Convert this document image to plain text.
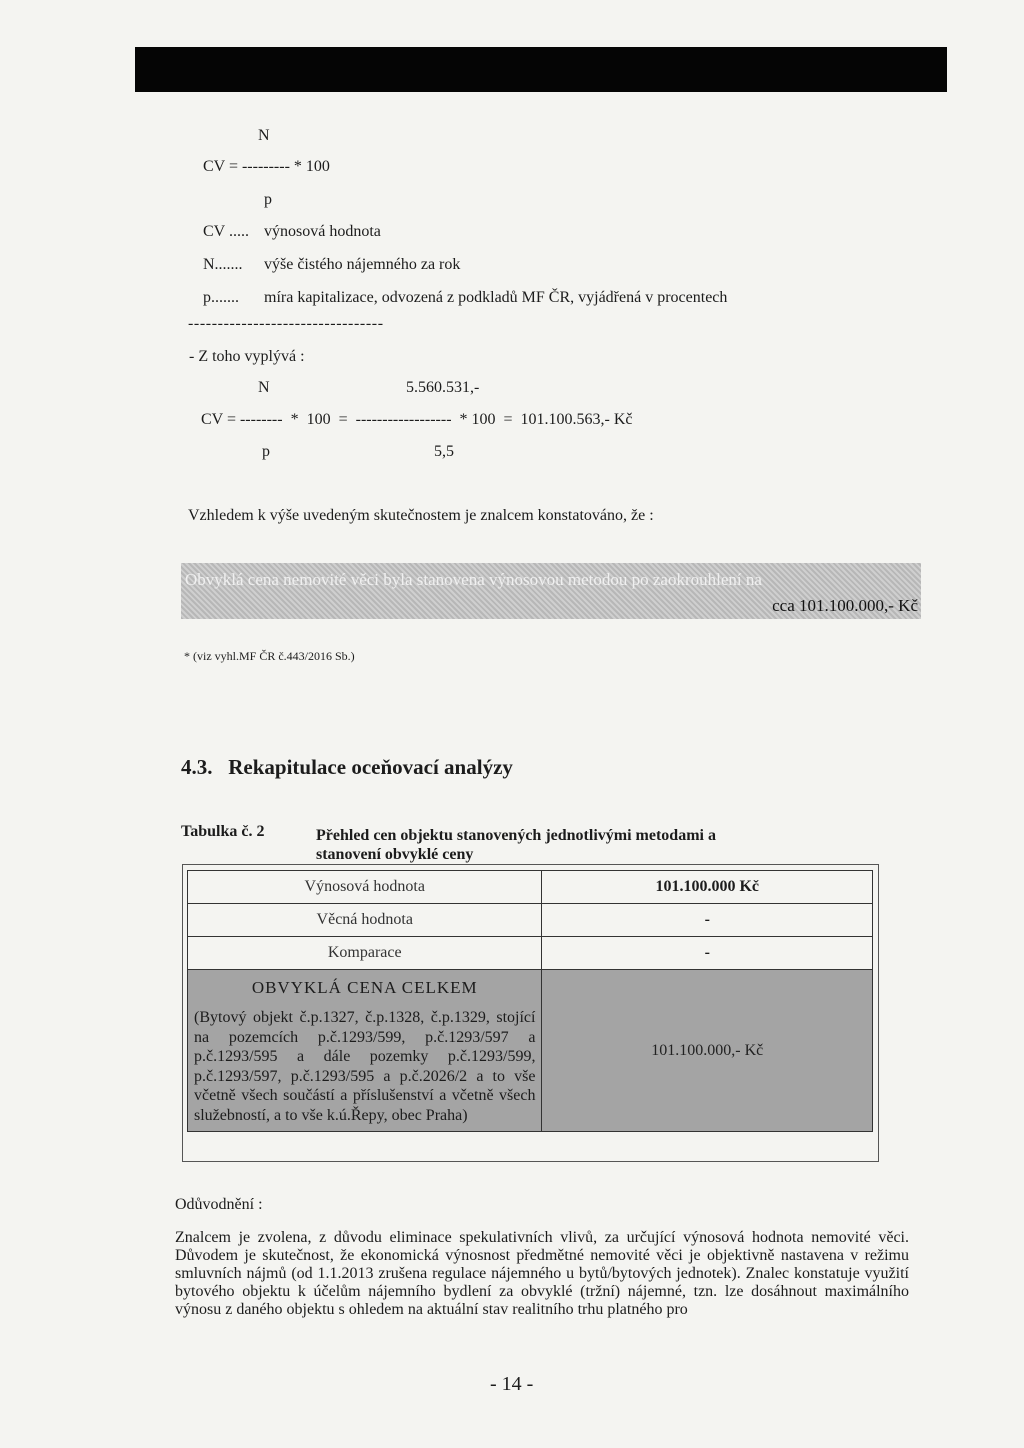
N
CV = --------- * 100
p
CV ..... výnosová hodnota
N....... výše čistého nájemného za rok
p....... míra kapitalizace, odvozená z podkladů MF ČR, vyjádřená v procentech
---------------------------------
- Z toho vyplývá :
N	5.560.531,-
CV = --------  *  100  =  ------------------  * 100  =  101.100.563,- Kč
p	5,5
Vzhledem k výše uvedeným skutečnostem je znalcem konstatováno, že :
Obvyklá cena nemovité věci byla stanovena výnosovou metodou po zaokrouhlení na
cca 101.100.000,- Kč
* (viz vyhl.MF ČR č.443/2016 Sb.)
4.3. Rekapitulace oceňovací analýzy
Tabulka č. 2	Přehled cen objektu stanovených jednotlivými metodami a stanovení obvyklé ceny
Výnosová hodnota	101.100.000 Kč
Věcná hodnota	-
Komparace	-

OBVYKLÁ CENA CELKEM
(Bytový objekt č.p.1327, č.p.1328, č.p.1329, stojící na pozemcích p.č.1293/599, p.č.1293/597 a p.č.1293/595 a dále pozemky p.č.1293/599, p.č.1293/597, p.č.1293/595 a p.č.2026/2 a to vše včetně všech součástí a příslušenství a včetně všech služebností, a to vše k.ú.Řepy, obec Praha)	101.100.000,- Kč
Odůvodnění :
Znalcem je zvolena, z důvodu eliminace spekulativních vlivů, za určující výnosová hodnota nemovité věci. Důvodem je skutečnost, že ekonomická výnosnost předmětné nemovité věci je objektivně nastavena v režimu smluvních nájmů (od 1.1.2013 zrušena regulace nájemného u bytů/bytových jednotek). Znalec konstatuje využití bytového objektu k účelům nájemního bydlení za obvyklé (tržní) nájemné, tzn. lze dosáhnout maximálního výnosu z daného objektu s ohledem na aktuální stav realitního trhu platného pro
- 14 -
